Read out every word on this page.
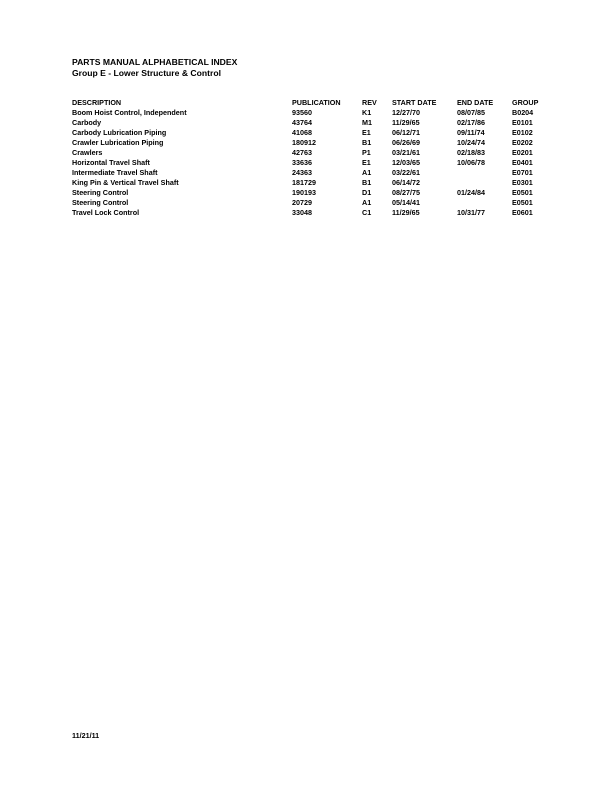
PARTS MANUAL ALPHABETICAL INDEX
Group E - Lower Structure & Control
DESCRIPTION	PUBLICATION	REV	START DATE	END DATE	GROUP
Boom Hoist Control, Independent	93560	K1	12/27/70	08/07/85	B0204
Carbody	43764	M1	11/29/65	02/17/86	E0101
Carbody Lubrication Piping	41068	E1	06/12/71	09/11/74	E0102
Crawler Lubrication Piping	180912	B1	06/26/69	10/24/74	E0202
Crawlers	42763	P1	03/21/61	02/18/83	E0201
Horizontal Travel Shaft	33636	E1	12/03/65	10/06/78	E0401
Intermediate Travel Shaft	24363	A1	03/22/61		E0701
King Pin & Vertical Travel Shaft	181729	B1	06/14/72		E0301
Steering Control	190193	D1	08/27/75	01/24/84	E0501
Steering Control	20729	A1	05/14/41		E0501
Travel Lock Control	33048	C1	11/29/65	10/31/77	E0601
11/21/11
